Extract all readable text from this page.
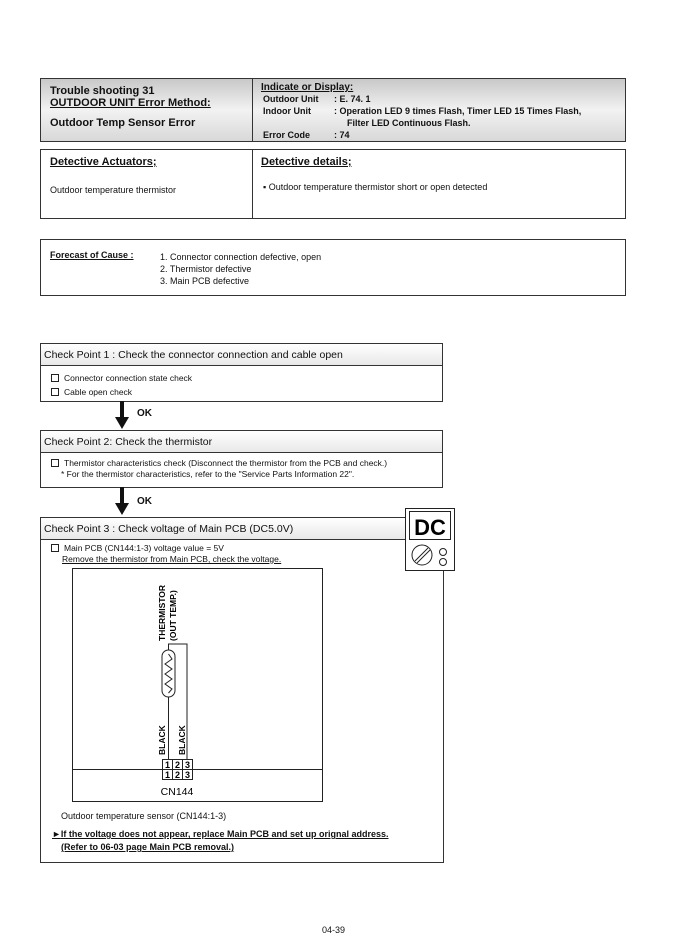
Trouble shooting 31
OUTDOOR UNIT Error Method:
Outdoor Temp Sensor Error
Indicate or Display:
Outdoor Unit : E. 74. 1
Indoor Unit	: Operation LED 9 times Flash, Timer LED 15 Times Flash,
Filter LED Continuous Flash.
Error Code	: 74
Detective Actuators;
Outdoor temperature thermistor
Detective details;
▪ Outdoor temperature thermistor short or open detected
Forecast of Cause :	1. Connector connection defective, open
2. Thermistor defective
3. Main PCB defective
Check Point 1 : Check the connector connection and cable open
Connector connection state check
Cable open check
OK
Check Point 2: Check the thermistor
Thermistor characteristics check (Disconnect the thermistor from the PCB and check.)
* For the thermistor characteristics, refer to the "Service Parts Information 22".
OK
Check Point 3 : Check voltage of Main PCB (DC5.0V)
Main PCB (CN144:1-3) voltage value = 5V
Remove the thermistor from Main PCB, check the voltage.
Outdoor temperature sensor (CN144:1-3)
►If the voltage does not appear, replace Main PCB and set up orignal address.
(Refer to 06-03 page Main PCB removal.)
1 2 3
1 2 3
CN144
THERMISTOR (OUT TEMP.)
BLACK BLACK
DC
04-39
